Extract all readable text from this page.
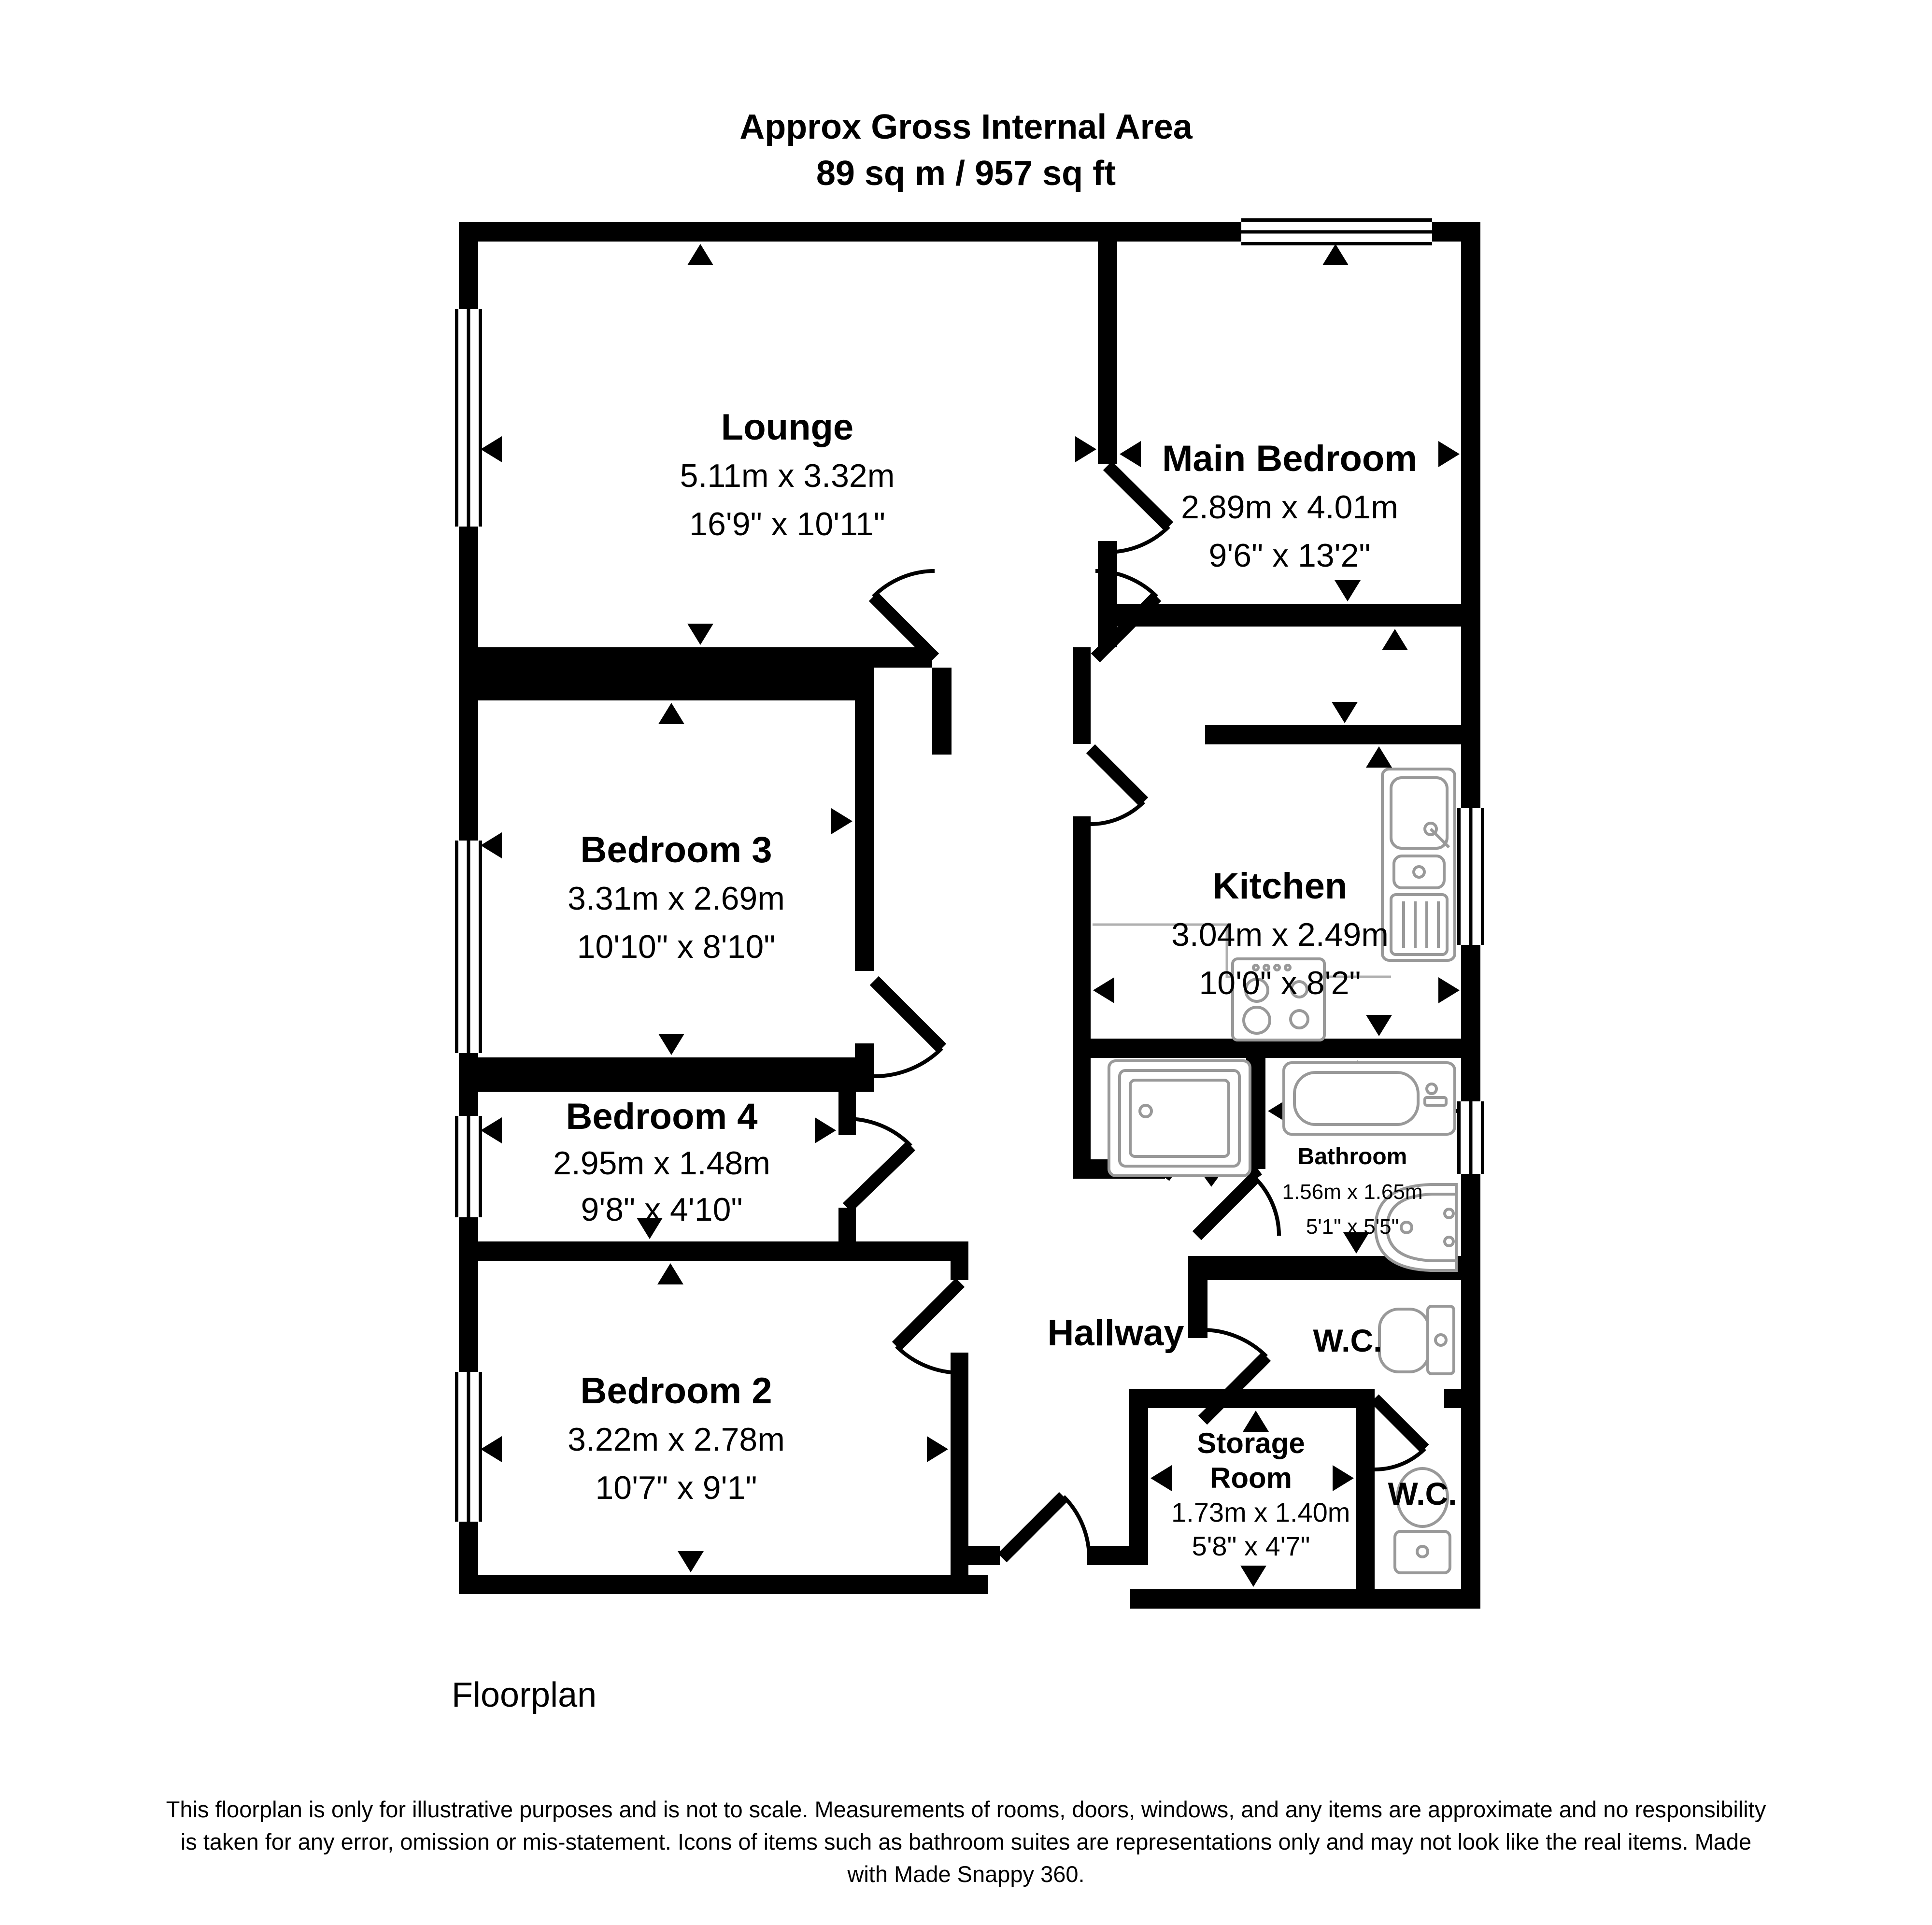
Approx Gross Internal Area
89 sq m / 957 sq ft
Lounge
5.11m x 3.32m
16'9" x 10'11"
Main Bedroom
2.89m x 4.01m
9'6" x 13'2"
Bedroom 3
3.31m x 2.69m
10'10" x 8'10"
Kitchen
3.04m x 2.49m
10'0" x 8'2"
Bedroom 4
2.95m x 1.48m
9'8" x 4'10"
Bathroom
1.56m x 1.65m
5'1" x 5'5"
Bedroom 2
3.22m x 2.78m
10'7" x 9'1"
Hallway
Storage Room
1.73m x 1.40m
5'8" x 4'7"
W.C.
W.C.
Floorplan
This floorplan is only for illustrative purposes and is not to scale. Measurements of rooms, doors, windows, and any items are approximate and no responsibility is taken for any error, omission or mis-statement. Icons of items such as bathroom suites are representations only and may not look like the real items. Made with Made Snappy 360.
